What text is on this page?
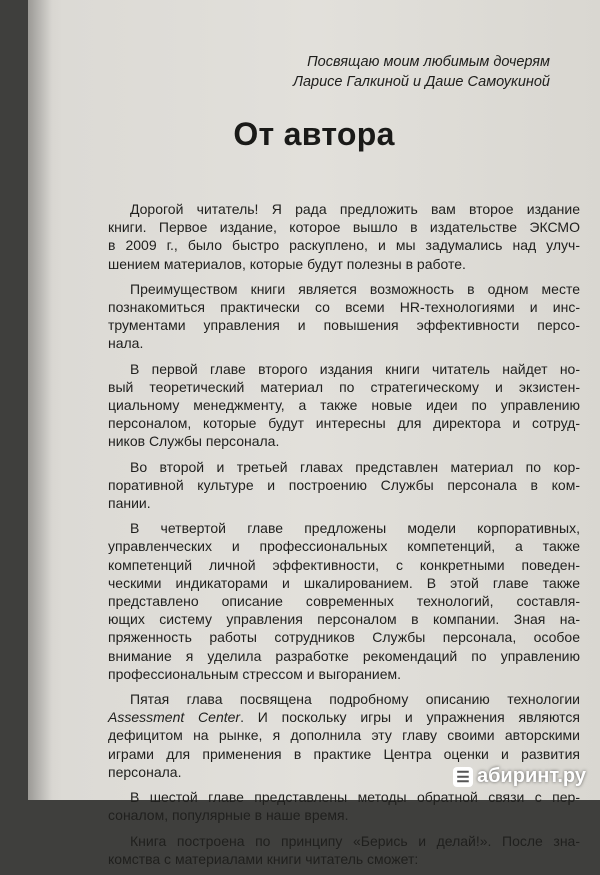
Посвящаю моим любимым дочерям
Ларисе Галкиной и Даше Самоукиной
От автора

Дорогой читатель! Я рада предложить вам второе издание
книги. Первое издание, которое вышло в издательстве ЭКСМО
в 2009 г., было быстро раскуплено, и мы задумались над улуч-
шением материалов, которые будут полезны в работе.

Преимуществом книги является возможность в одном месте
познакомиться практически со всеми HR-технологиями и инс-
трументами управления и повышения эффективности персо-
нала.

В первой главе второго издания книги читатель найдет но-
вый теоретический материал по стратегическому и экзистен-
циальному менеджменту, а также новые идеи по управлению
персоналом, которые будут интересны для директора и сотруд-
ников Службы персонала.

Во второй и третьей главах представлен материал по кор-
поративной культуре и построению Службы персонала в ком-
пании.

В четвертой главе предложены модели корпоративных,
управленческих и профессиональных компетенций, а также
компетенций личной эффективности, с конкретными поведен-
ческими индикаторами и шкалированием. В этой главе также
представлено описание современных технологий, составля-
ющих систему управления персоналом в компании. Зная на-
пряженность работы сотрудников Службы персонала, особое
внимание я уделила разработке рекомендаций по управлению
профессиональным стрессом и выгоранием.

Пятая глава посвящена подробному описанию технологии
Assessment Center. И поскольку игры и упражнения являются
дефицитом на рынке, я дополнила эту главу своими авторскими
играми для применения в практике Центра оценки и развития
персонала.

В шестой главе представлены методы обратной связи с пер-
соналом, популярные в наше время.

Книга построена по принципу «Берись и делай!». После зна-
комства с материалами книги читатель сможет:

☰ абиринт.ру
